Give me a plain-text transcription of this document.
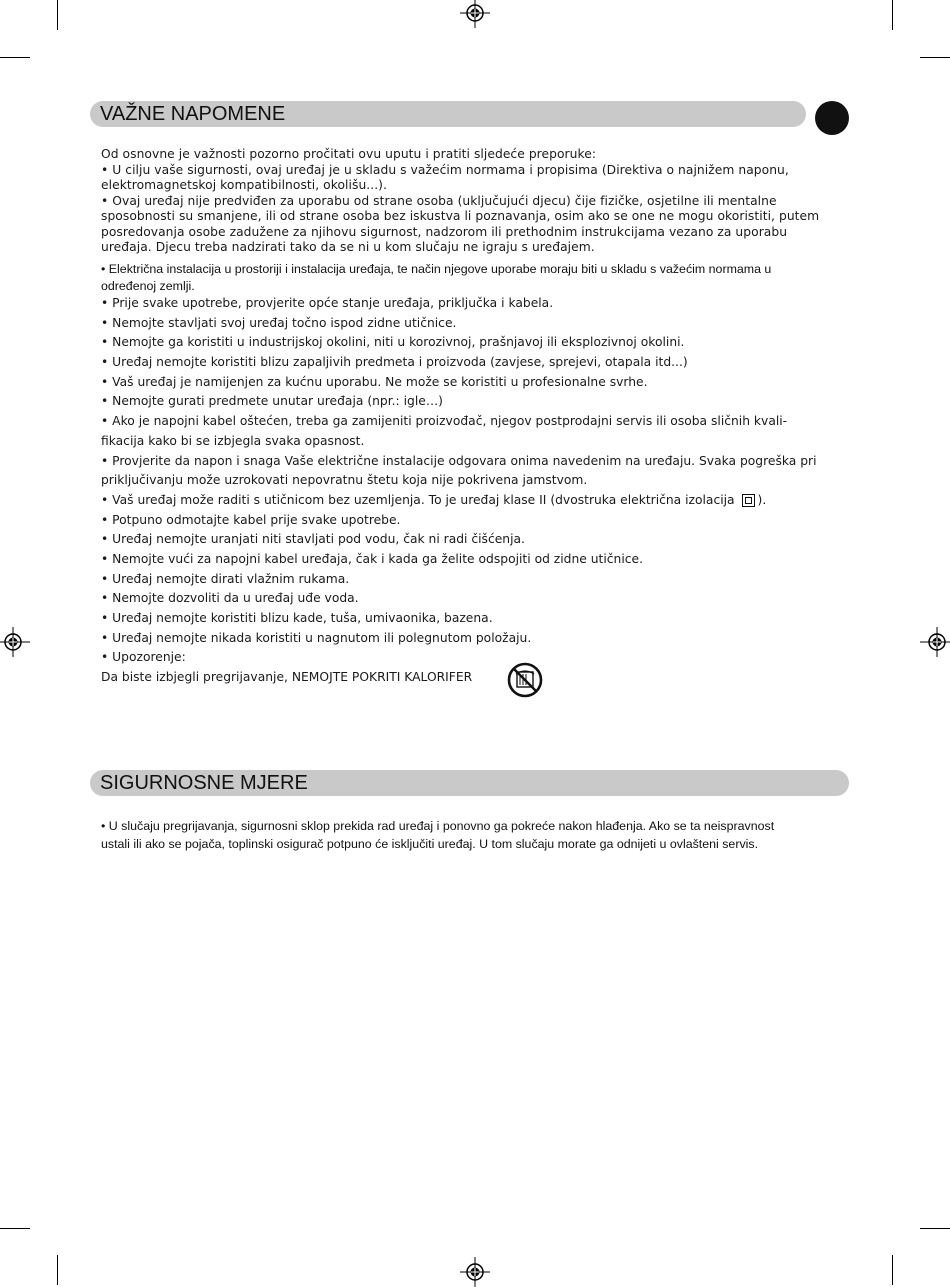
VAŽNE NAPOMENE
Od osnovne je važnosti pozorno pročitati ovu uputu i pratiti sljedeće preporuke:
• U cilju vaše sigurnosti, ovaj uređaj je u skladu s važećim normama i propisima (Direktiva o najnižem naponu,
elektromagnetskoj kompatibilnosti, okolišu...).
• Ovaj uređaj nije predviđen za uporabu od strane osoba (uključujući djecu) čije fizičke, osjetilne ili mentalne
sposobnosti su smanjene, ili od strane osoba bez iskustva li poznavanja, osim ako se one ne mogu okoristiti, putem
posredovanja osobe zadužene za njihovu sigurnost, nadzorom ili prethodnim instrukcijama vezano za uporabu
uređaja. Djecu treba nadzirati tako da se ni u kom slučaju ne igraju s uređajem.
• Električna instalacija u prostoriji i instalacija uređaja, te način njegove uporabe moraju biti u skladu s važećim normama u
određenoj zemlji.
• Prije svake upotrebe, provjerite opće stanje uređaja, priključka i kabela.
• Nemojte stavljati svoj uređaj točno ispod zidne utičnice.
• Nemojte ga koristiti u industrijskoj okolini, niti u korozivnoj, prašnjavoj ili eksplozivnoj okolini.
• Uređaj nemojte koristiti blizu zapaljivih predmeta i proizvoda (zavjese, sprejevi, otapala itd...)
• Vaš uređaj je namijenjen za kućnu uporabu. Ne može se koristiti u profesionalne svrhe.
• Nemojte gurati predmete unutar uređaja (npr.: igle…)
• Ako je napojni kabel oštećen, treba ga zamijeniti proizvođač, njegov postprodajni servis ili osoba sličnih kvali-
fikacija kako bi se izbjegla svaka opasnost.
• Provjerite da napon i snaga Vaše električne instalacije odgovara onima navedenim na uređaju. Svaka pogreška pri
priključivanju može uzrokovati nepovratnu štetu koja nije pokrivena jamstvom.
• Vaš uređaj može raditi s utičnicom bez uzemljenja. To je uređaj klase II (dvostruka električna izolacija ).
• Potpuno odmotajte kabel prije svake upotrebe.
• Uređaj nemojte uranjati niti stavljati pod vodu, čak ni radi čišćenja.
• Nemojte vući za napojni kabel uređaja, čak i kada ga želite odspojiti od zidne utičnice.
• Uređaj nemojte dirati vlažnim rukama.
• Nemojte dozvoliti da u uređaj uđe voda.
• Uređaj nemojte koristiti blizu kade, tuša, umivaonika, bazena.
• Uređaj nemojte nikada koristiti u nagnutom ili polegnutom položaju.
• Upozorenje:
Da biste izbjegli pregrijavanje, NEMOJTE POKRITI KALORIFER
SIGURNOSNE MJERE
• U slučaju pregrijavanja, sigurnosni sklop prekida rad uređaj i ponovno ga pokreće nakon hlađenja. Ako se ta neispravnost
ustali ili ako se pojača, toplinski osigurač potpuno će isključiti uređaj. U tom slučaju morate ga odnijeti u ovlašteni servis.
